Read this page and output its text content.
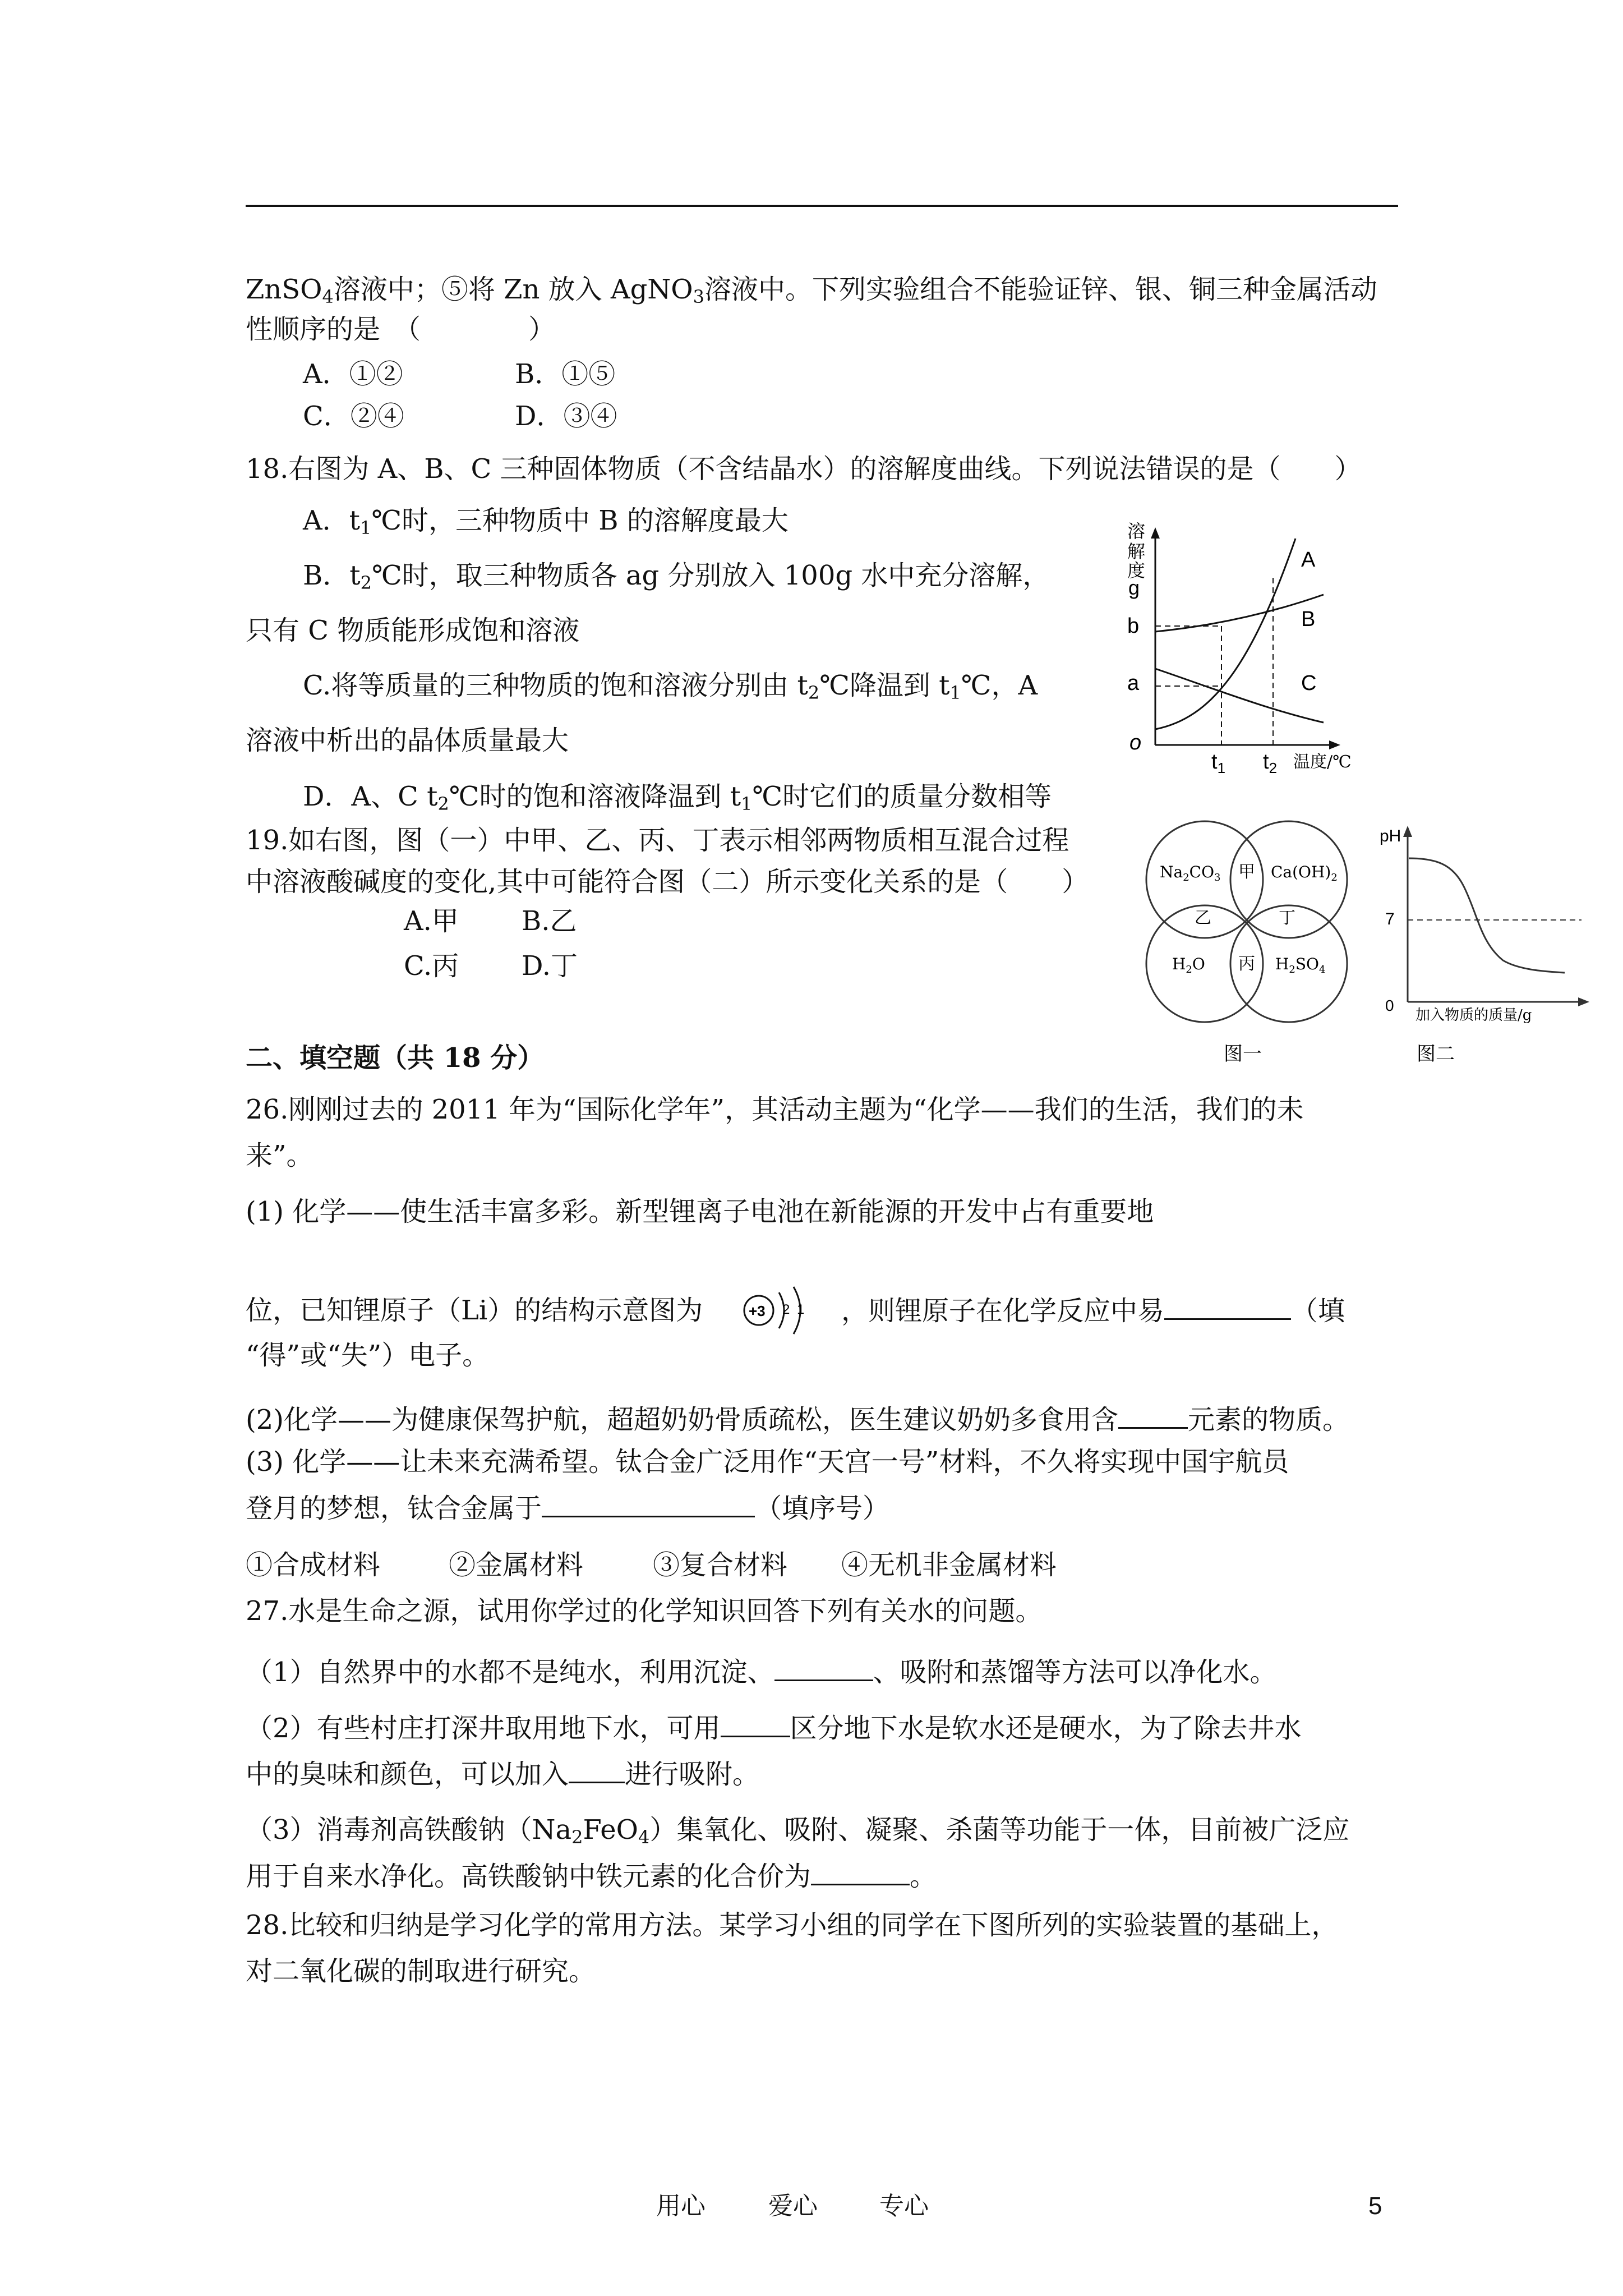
ZnSO$_4$溶液中；⑤将 Zn 放入 AgNO$_3$溶液中。下列实验组合不能验证锌、银、铜三种金属活动
性顺序的是　（　　　　）
A．①②	B．①⑤
C．②④	D．③④
18.右图为 A、B、C 三种固体物质（不含结晶水）的溶解度曲线。下列说法错误的是（　　）
A．$t_1℃$时，三种物质中 B 的溶解度最大
B．$t_2℃$时，取三种物质各 ag 分别放入 100g 水中充分溶解，
只有 C 物质能形成饱和溶液
C.将等质量的三种物质的饱和溶液分别由 $t_2℃$降温到 $t_1℃$，A
溶液中析出的晶体质量最大
D．A、C $t_2℃$时的饱和溶液降温到 $t_1℃$时它们的质量分数相等
溶
解
度
g
b
a
o
A
B
C
$t_1$ $t_2$ 温度/℃
19.如右图，图（一）中甲、乙、丙、丁表示相邻两物质相互混合过程
中溶液酸碱度的变化,其中可能符合图（二）所示变化关系的是（　　）
A.甲 B.乙
C.丙 D.丁
$Na_2CO_3$	$Ca(OH)_2$
$H_2O$	$H_2SO_4$
甲
乙
丙
丁
图一
pH
7
0
加入物质的质量/g
图二
二、填空题（共 18 分）
26.刚刚过去的 2011 年为“国际化学年”，其活动主题为“化学——我们的生活，我们的未
来”。
(1) 化学——使生活丰富多彩。新型锂离子电池在新能源的开发中占有重要地
位，已知锂原子（Li）的结构示意图为	+3 2 1 ，则锂原子在化学反应中易	（填
“得”或“失”）电子。
(2)化学——为健康保驾护航，超超奶奶骨质疏松，医生建议奶奶多食用含	元素的物质。
(3) 化学——让未来充满希望。钛合金广泛用作“天宫一号”材料，不久将实现中国宇航员
登月的梦想，钛合金属于	（填序号）
①合成材料	②金属材料	③复合材料 ④无机非金属材料
27.水是生命之源，试用你学过的化学知识回答下列有关水的问题。
（1）自然界中的水都不是纯水，利用沉淀、	、吸附和蒸馏等方法可以净化水。
（2）有些村庄打深井取用地下水，可用	区分地下水是软水还是硬水，为了除去井水
中的臭味和颜色，可以加入 进行吸附。
（3）消毒剂高铁酸钠$(Na_2FeO_4)$集氧化、吸附、凝聚、杀菌等功能于一体，目前被广泛应
用于自来水净化。高铁酸钠中铁元素的化合价为	。
28.比较和归纳是学习化学的常用方法。某学习小组的同学在下图所列的实验装置的基础上，
对二氧化碳的制取进行研究。
用心	爱心	专心	5
